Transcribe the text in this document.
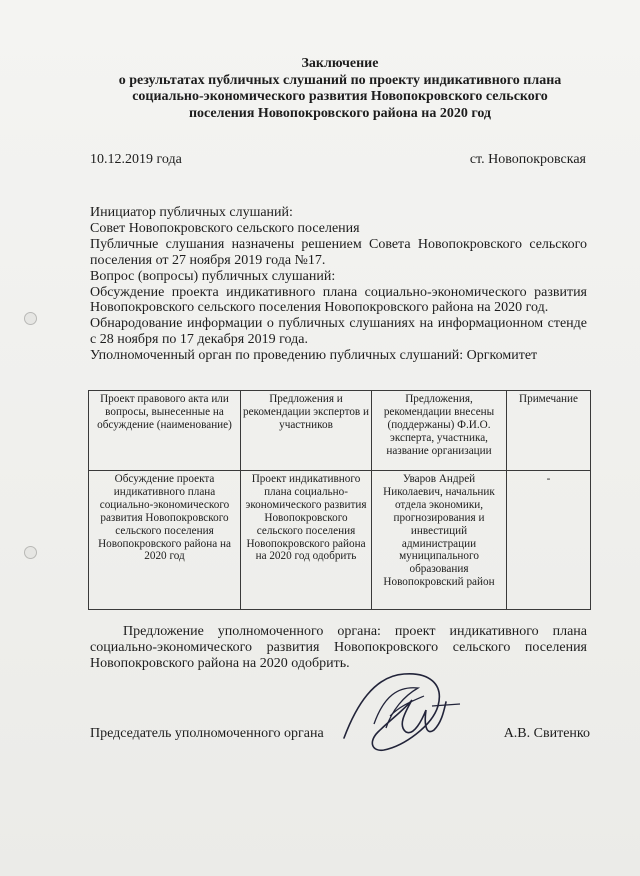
Заключение
о результатах публичных слушаний по проекту индикативного плана
социально-экономического развития Новопокровского сельского
поселения Новопокровского района на 2020 год
10.12.2019 года	ст. Новопокровская

Инициатор публичных слушаний:

Совет Новопокровского сельского поселения

Публичные слушания назначены решением Совета Новопокровского сельского поселения от 27 ноября 2019 года №17.

Вопрос (вопросы) публичных слушаний:

Обсуждение проекта индикативного плана социально-экономического развития Новопокровского сельского поселения Новопокровского района на 2020 год.

Обнародование информации о публичных слушаниях на информационном стенде с 28 ноября по 17 декабря 2019 года.

Уполномоченный орган по проведению публичных слушаний: Оргкомитет

Проект правового акта или вопросы, вынесенные на обсуждение (наименование)	Предложения и рекомендации экспертов и участников	Предложения, рекомендации внесены (поддержаны) Ф.И.О. эксперта, участника, название организации	Примечание
Обсуждение проекта индикативного плана социально-экономического развития Новопокровского сельского поселения Новопокровского района на 2020 год	Проект индикативного плана социально-экономического развития Новопокровского сельского поселения Новопокровского района на 2020 год одобрить	Уваров Андрей Николаевич, начальник отдела экономики, прогнозирования и инвестиций администрации муниципального образования Новопокровский район	-
Предложение уполномоченного органа: проект индикативного плана социально-экономического развития Новопокровского сельского поселения Новопокровского района на 2020 одобрить.
Председатель уполномоченного органа	А.В. Свитенко
